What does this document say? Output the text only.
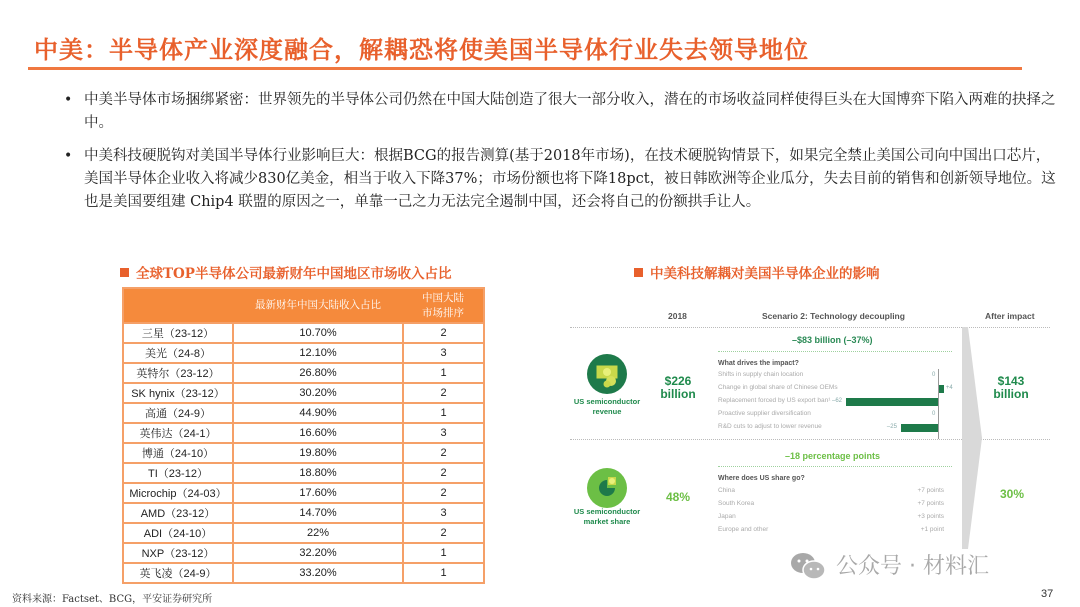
中美：半导体产业深度融合，解耦恐将使美国半导体行业失去领导地位
• 中美半导体市场捆绑紧密：世界领先的半导体公司仍然在中国大陆创造了很大一部分收入，潜在的市场收益同样使得巨头在大国博弈下陷入两难的抉择之中。
• 中美科技硬脱钩对美国半导体行业影响巨大：根据BCG的报告测算(基于2018年市场)，在技术硬脱钩情景下，如果完全禁止美国公司向中国出口芯片，美国半导体企业收入将减少830亿美金，相当于收入下降37%；市场份额也将下降18pct，被日韩欧洲等企业瓜分，失去目前的销售和创新领导地位。这也是美国要组建 Chip4 联盟的原因之一，单靠一己之力无法完全遏制中国，还会将自己的份额拱手让人。
全球TOP半导体公司最新财年中国地区市场收入占比
	最新财年中国大陆收入占比	中国大陆
市场排序

三星（23-12）	10.70%	2
美光（24-8）	12.10%	3
英特尔（23-12）	26.80%	1
SK hynix（23-12）	30.20%	2
高通（24-9）	44.90%	1
英伟达（24-1）	16.60%	3
博通（24-10）	19.80%	2
TI（23-12）	18.80%	2
Microchip（24-03）	17.60%	2
AMD（23-12）	14.70%	3
ADI（24-10）	22%	2
NXP（23-12）	32.20%	1
英飞凌（24-9）	33.20%	1
中美科技解耦对美国半导体企业的影响
2018	Scenario 2: Technology decoupling	After impact
US semiconductor
revenue
$226
billion
–$83 billion (–37%)
What drives the impact?
Shifts in supply chain location	0
Change in global share of Chinese OEMs	+4
Replacement forced by US export ban¹ –62
Proactive supplier diversification	0
R&D cuts to adjust to lower revenue	–25
$143
billion
US semiconductor
market share
48%
–18 percentage points
Where does US share go?
China	+7 points
South Korea	+7 points
Japan	+3 points
Europe and other	+1 point
30%
公众号 · 材料汇
资料来源：Factset、BCG，平安证券研究所	37
